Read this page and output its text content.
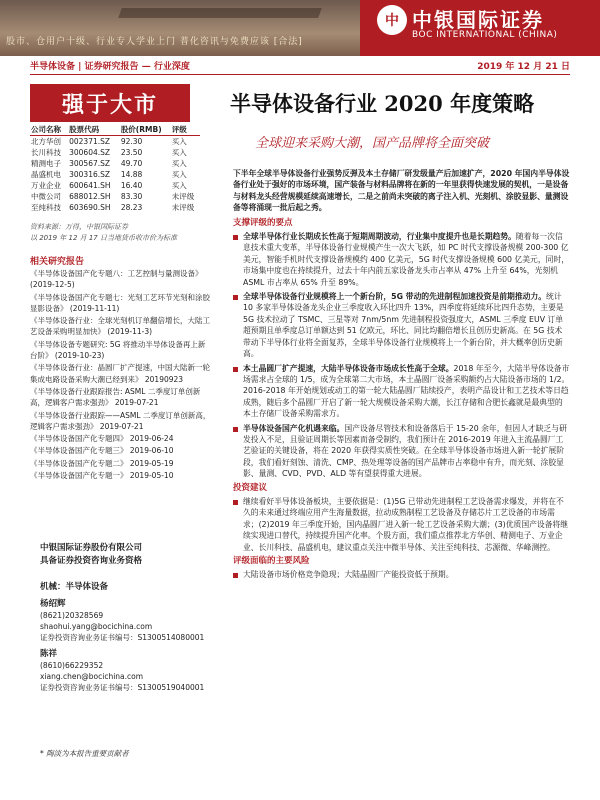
中 中银国际证券
BOC INTERNATIONAL (CHINA)
股市、仓用户十级、行业专人学业上门 普化咨讯与免费应该 [合法]
半导体设备 | 证券研究报告 — 行业深度	2019 年 12 月 21 日
强于大市	半导体设备行业 2020 年度策略
全球迎来采购大潮，国产品牌将全面突破
公司名称	股票代码	股价(RMB)	评级
北方华创	002371.SZ	92.30	买入
长川科技	300604.SZ	23.50	买入
精测电子	300567.SZ	49.70	买入
晶盛机电	300316.SZ	14.88	买入
万业企业	600641.SH	16.40	买入
中微公司	688012.SH	83.30	未评级
至纯科技	603690.SH	28.23	未评级
资料来源：万得，中银国际证券
以 2019 年 12 月 17 日当地货币收市价为标准
相关研究报告
《半导体设备国产化专题八：工艺控制与量测设备》 (2019-12-5)
《半导体设备国产化专题七：光刻工艺环节光刻和涂胶显影设备》 (2019-11-11)
《半导体设备行业：全球光刻机订单翻倍增长，大陆工艺设备采购明显加快》 (2019-11-3)
《半导体设备专题研究: 5G 将推动半导体设备再上新台阶》 (2019-10-23)
《半导体设备行业：晶圆厂扩产提速，中国大陆新一轮集成电路设备采购大潮已经到来》 20190923
《半导体设备行业跟踪报告: ASML 二季度订单创新高，逻辑客户需求强劲》 2019-07-21
《半导体设备行业跟踪——ASML 二季度订单创新高，逻辑客户需求强劲》 2019-07-21
《半导体设备国产化专题四》 2019-06-24
《半导体设备国产化专题三》 2019-06-10
《半导体设备国产化专题二》 2019-05-19
《半导体设备国产化专题一》 2019-05-10
中银国际证券股份有限公司
具备证券投资咨询业务资格
机械：半导体设备
杨绍辉
(8621)20328569
shaohui.yang@bocichina.com
证券投资咨询业务证书编号：S1300514080001
陈祥
(8610)66229352
xiang.chen@bocichina.com
证券投资咨询业务证书编号：S1300519040001
* 陶淡为本报告重要贡献者
下半年全球半导体设备行业强势反弹及本土存储厂研发级量产后加速扩产，2020 年国内半导体设备行业处于强好的市场环境，国产装备与材料品牌将在新的一年里获得快速发展的契机，一是设备与材料龙头经营规模延续高速增长，二是之前尚未突破的离子注入机、光刻机、涂胶显影、量测设备等将涌现一批后起之秀。
支撑评级的要点
全球半导体行业长期成长性高于短期周期波动，行业集中度提升也是长期趋势。随着每一次信息技术重大变革，半导体设备行业规模产生一次大飞跃，如 PC 时代支撑设备规模 200-300 亿美元，智能手机时代支撑设备规模约 400 亿美元，5G 时代支撑设备规模 600 亿美元，同时，市场集中度也在持续提升，过去十年内前五家设备龙头市占率从 47% 上升至 64%，光刻机 ASML 市占率从 65% 升至 89%。
全球半导体设备行业规模将上一个新台阶，5G 带动的先进制程加速投资是前期推动力。统计 10 多家半导体设备龙头企业三季度收入环比四升 13%，四季度将延续环比四升态势，主要是 5G 技术拉动了 TSMC、三星等对 7nm/5nm 先进制程投资强度大，ASML 三季度 EUV 订单超预期且单季度总订单额达到 51 亿欧元，环比、同比均翻倍增长且创历史新高。在 5G 技术带动下半导体行业将全面复苏，全球半导体设备行业规模将上一个新台阶，并大概率创历史新高。
本土晶圆厂扩产提速，大陆半导体设备市场成长性高于全球。2018 年至今，大陆半导体设备市场需求占全球的 1/5，成为全球第二大市场，本土晶圆厂设备采购额约占大陆设备市场的 1/2。2016-2018 年开始规划或动工的第一轮大陆晶圆厂陆续投产，表明产品设计和工艺技术等日趋成熟，随后多个晶圆厂开启了新一轮大规模设备采购大潮，长江存储和合肥长鑫就是最典型的本土存储厂设备采购需求方。
半导体设备国产化机遇来临。国产设备尽管技术和设备落后于 15-20 余年，但因人才缺乏与研发投入不足，且验证周期长等因素而备受制约，我们预计在 2016-2019 年进入主流晶圆厂工艺验证的关键设备，将在 2020 年获得实质性突破。在全球半导体设备市场进入新一轮扩展阶段，我们看好刻蚀、清洗、CMP、热处理等设备的国产品牌市占率稳中有升，而光刻、涂胶显影、量测、CVD、PVD、ALD 等有望获得重大进展。
投资建议
继续看好半导体设备板块，主要依据是：(1)5G 已带动先进制程工艺设备需求爆发，并将在不久的未来通过终端应用产生海量数据，拉动成熟制程工艺设备及存储芯片工艺设备的市场需求；(2)2019 年三季度开始，国内晶圆厂进入新一轮工艺设备采购大潮；(3)优质国产设备将继续实现进口替代，持续提升国产化率。个股方面，我们重点推荐北方华创、精测电子、万业企业、长川科技、晶盛机电，建议重点关注中微半导体、关注至纯科技、芯源微、华峰测控。
评级面临的主要风险
大陆设备市场价格竞争隐现；大陆晶圆厂产能投资低于预期。
